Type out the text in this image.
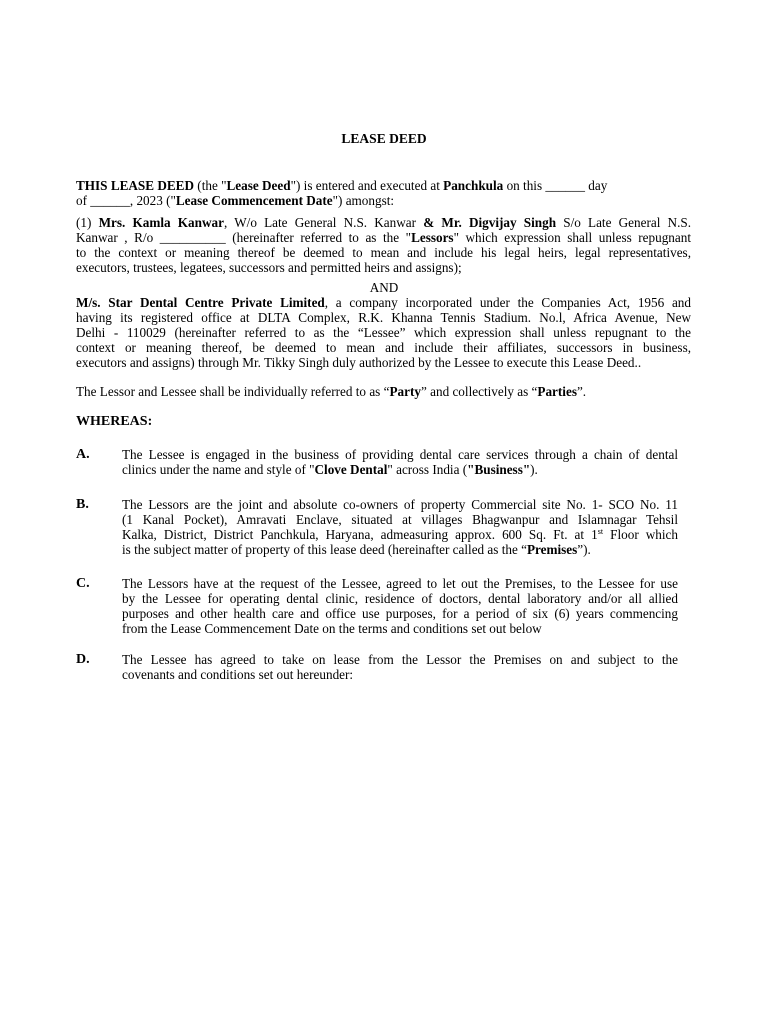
LEASE DEED
THIS LEASE DEED (the "Lease Deed") is entered and executed at Panchkula on this ______ day
of ______, 2023 ("Lease Commencement Date") amongst:
(1) Mrs. Kamla Kanwar, W/o Late General N.S. Kanwar & Mr. Digvijay Singh S/o Late General N.S.
Kanwar , R/o __________ (hereinafter referred to as the "Lessors" which expression shall unless repugnant
to the context or meaning thereof be deemed to mean and include his legal heirs, legal representatives,
executors, trustees, legatees, successors and permitted heirs and assigns);
AND
M/s. Star Dental Centre Private Limited, a company incorporated under the Companies Act, 1956 and
having its registered office at DLTA Complex, R.K. Khanna Tennis Stadium. No.l, Africa Avenue, New
Delhi - 110029 (hereinafter referred to as the “Lessee” which expression shall unless repugnant to the
context or meaning thereof, be deemed to mean and include their affiliates, successors in business,
executors and assigns) through Mr. Tikky Singh duly authorized by the Lessee to execute this Lease Deed..
The Lessor and Lessee shall be individually referred to as “Party” and collectively as “Parties”.
WHEREAS:
A. The Lessee is engaged in the business of providing dental care services through a chain of dental
clinics under the name and style of "Clove Dental" across India ("Business").
B.	The Lessors are the joint and absolute co-owners of property Commercial site No. 1- SCO No. 11
(1 Kanal Pocket), Amravati Enclave, situated at villages Bhagwanpur and Islamnagar Tehsil
Kalka, District, District Panchkula, Haryana, admeasuring approx. 600 Sq. Ft. at 1st Floor which
is the subject matter of property of this lease deed (hereinafter called as the “Premises”).
C. The Lessors have at the request of the Lessee, agreed to let out the Premises, to the Lessee for use
by the Lessee for operating dental clinic, residence of doctors, dental laboratory and/or all allied
purposes and other health care and office use purposes, for a period of six (6) years commencing
from the Lease Commencement Date on the terms and conditions set out below
D. The Lessee has agreed to take on lease from the Lessor the Premises on and subject to the
covenants and conditions set out hereunder:
